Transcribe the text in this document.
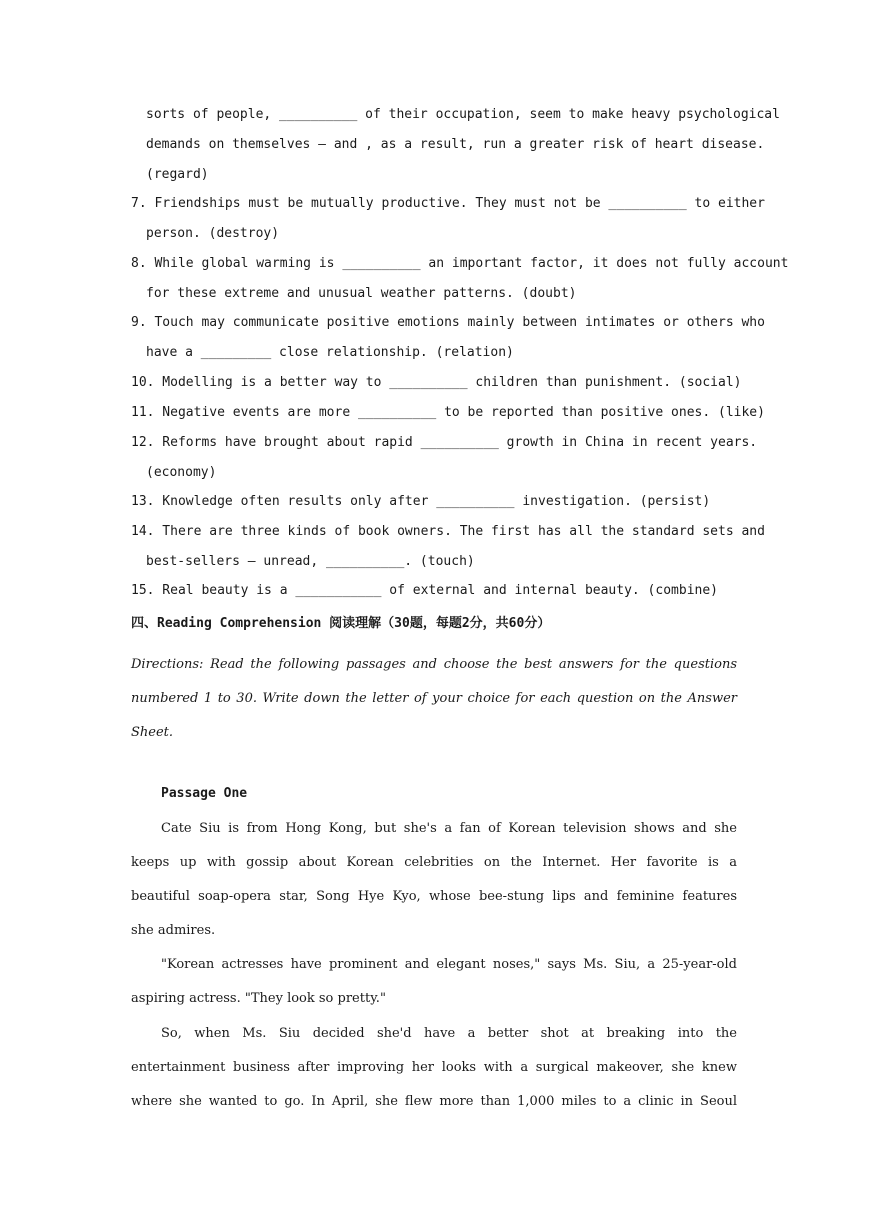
sorts of people, __________ of their occupation, seem to make heavy psychological
demands on themselves – and , as a result, run a greater risk of heart disease.
(regard)
7. Friendships must be mutually productive. They must not be __________ to either
person. (destroy)
8. While global warming is __________ an important factor, it does not fully account
for these extreme and unusual weather patterns. (doubt)
9. Touch may communicate positive emotions mainly between intimates or others who
have a _________ close relationship. (relation)
10. Modelling is a better way to __________ children than punishment. (social)
11. Negative events are more __________ to be reported than positive ones. (like)
12. Reforms have brought about rapid __________ growth in China in recent years.
(economy)
13. Knowledge often results only after __________ investigation. (persist)
14. There are three kinds of book owners. The first has all the standard sets and
best-sellers – unread, __________. (touch)
15. Real beauty is a ___________ of external and internal beauty. (combine)
四、Reading Comprehension 阅读理解（30题，每题2分，共60分）
Directions: Read the following passages and choose the best answers for the questions
numbered 1 to 30. Write down the letter of your choice for each question on the Answer
Sheet.
Passage One
Cate Siu is from Hong Kong, but she's a fan of Korean television shows and she
keeps up with gossip about Korean celebrities on the Internet. Her favorite is a
beautiful soap-opera star, Song Hye Kyo, whose bee-stung lips and feminine features
she admires.
"Korean actresses have prominent and elegant noses," says Ms. Siu, a 25-year-old
aspiring actress. "They look so pretty."
So, when Ms. Siu decided she'd have a better shot at breaking into the
entertainment business after improving her looks with a surgical makeover, she knew
where she wanted to go. In April, she flew more than 1,000 miles to a clinic in Seoul
